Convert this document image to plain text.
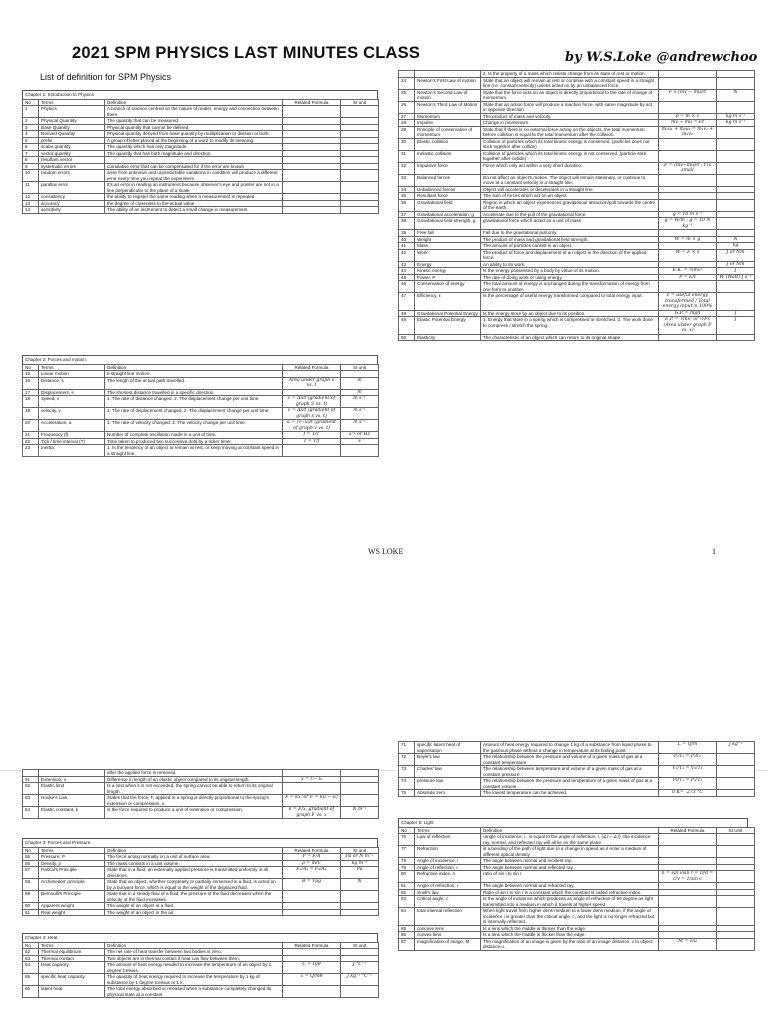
2021 SPM PHYSICS LAST MINUTES CLASS	by W.S.Loke @andrewchoo
List of definition for SPM Physics
Chapter 1: Introduction to Physics
No	Terms	Definition	Related Formula	SI unit
1	Physics	A branch of science centred on the nature of matter, energy and connection between them.		
2	Physical Quantity	The quantity that can be measured.		
3	Base Quantity	Physical quantity that cannot be defined.		
4	Derived Quantity	Physical quantity derived from base quantity by multiplication or division or both.		
5	prefix	A group of letter placed at the beginning of a word to modify its meaning.		
6	scalar quantity	The quantity which has only magnitude.		
7	vector quantity	The quantity that has both magnitude and direction.		
8	resultant vector			
9	systematic errors	cumulative error that can be compensated for if the error are known		
10	random errors	arise from unknown and unpredictable variations in condition will produce a different error every time you repeat the experiment		
11	parallax error	It's an error in reading an instrument because observer's eye and pointer are not in a line perpendicular to the plane of a scale		
12	consistency	the ability to register the same reading when a measurement is repeated		
13	accuracy	the degree of closeness to the actual value.		
14	sensitivity	The ability of an instrument to detect a small change in measurement.		
Chapter 2: Forces and motion.
No	Terms	Definition	Related Formula	SI unit
15	Linear motion	a straight line motion.		
16	Distance, s	The length of the actual path travelled.	Area under graph v vs. t	m
17	Displacement, s	The shortest distance travelled in a specific direction.		m
18	Speed, v	1. The rate of distance changed. 2. The displacement change per unit time.	v = Δs/t (gradient of graph S vs. t)	m s⁻¹
19	velocity, v	1. The rate of displacement changed. 2. The displacement change per unit time.	v = Δs/t (gradient of graph s vs. t)	m s⁻¹
20	Acceleration, a	1. The rate of velocity changed. 2. The velocity change per unit time.	a = (v−u)/t (gradient of graph v vs. t)	m s⁻²
21	Frequency (f)	Number of complete oscillation made in a unit of time.	f = 1/T	s⁻¹ or Hz
22	Tick / time interval (T)	Time taken to produced two successive dots by a ticker timer.	T = 1/f	s
23	Inertia	1. Is the tendency of an object to remain at rest, or keep moving at constant speed in a straight line.		
		2. Is the property of a mass which resists change from its state of rest or motion.		
24	Newton's First Law of motion	State that an object will remain at rest or continue with a constant speed in a straight line (i.e. constant velocity) unless acted on by an unbalanced force.		
25	Newton's Second Law of motion	State that the force acts on an object is directly proportional to the rate of change of momentum.	F ∝ (mv − mu)/t	N
26	Newton's Third Law of Motion	State that an action force will produce a reaction force, with same magnitude by act in opposite direction.		
27	Momentum	The product of mass and velocity.	p = m × v	kg m s⁻¹
28	Impulse	Change in momentum.	mv − mu = Ft	kg m s⁻¹
29	Principle of conservation of momentum	State that if there is no external force acting on the objects, the total momentum before collision is equal to the total momentum after the collision.	m₁u₁ + m₂u₂ = m₁v₁ + m₂v₂	
30	Elastic collision	Collision of particles which its total kinetic energy is conserved. (particles does not stick together after collide)		
31	Inelastic collision	Collision of particles which its total kinetic energy is not conserved. (particle stick together after collide)		
32	Impulsive force	Force which only act within a very short duration.	F = (mv−mu)/t ; t is small	
33	Balanced forces	Do not affect an object's motion. The object will remain stationary, or continue to move at a constant velocity in a straight line.		
34	Unbalanced forces	Object will accelerates or decelerates in a straight line.		
35	Resultant force	The sum of forces which act on an object.		
36	Gravitational field	Region in which an object experiences gravitational attraction/pull towards the centre of the earth.		
37	Gravitational acceleration, g	Accelerate due to the pull of the gravitational force.	g = 10 m s⁻²	
38	Gravitational field strength, g	gravitational force which acted on a unit of mass	g = W/m ; g = 10 N kg⁻¹	
39	Free fall	Fall due to the gravitational pull only.		
40	Weight	The product of mass and gravitational field strength.	W = m × g	N
41	Mass	The amount of particles consist in an object		kg
42	Work	The product of force and displacement of an object in the direction of the applied force.	W = F × s	J or Nm
43	Energy	An ability to do work.		J or Nm
44	Kinetic energy	Is the energy possessed by a body by virtue of its motion.	E.K. = ½mv²	J
45	Power, P	The rate of doing work or using energy.	P = E/t	W (Watt) J s⁻¹
46	Conservation of energy	The total amount of energy is unchanged during the transformation of energy from one form to another.		
47	Efficiency, ε	Is the percentage of useful energy transformed compared to total energy input.	ε = useful energy transformed / Total energy input × 100%	
48	Gravitational Potential Energy	Is the energy store by an object due to its position.	G.P. = mgh	J
49	Elastic Potential Energy	1. Energy that store in a spring which is compressed or stretched. 2. The work done to compress / stretch the spring.	E.P. = ½kx² or ½Fx (Area under graph F vs. x)	J
50	Elasticity	The characteristic of an object which can return to its original shape		
WS LOKE	1
		after the applied force is removed.		
51	Extension, x	Difference in length of an elastic object compared to its original length.	x = l − l₀	
52	Elastic limit	Is a limit when it is not exceeded, the spring cannot be able to return to its original length.		
53	Hooke's Law	States that the force, F, applied to a spring is directly proportional to the spring's extension or compression, x.	F = kx, or F = k(l − l₀)	
54	Elastic constant, k	is the force required to produce a unit of extension or compression.	k = F/x, gradient of graph F vs. x	N m⁻¹
71	specific latent heat of vaporisation	Amount of heat energy required to change 1 kg of a substance from liquid phase to the gaseous phase without a change in temperature at its boiling point.	L = Q/m	J kg⁻¹
72	Boyle's law	The relationship between the pressure and volume of a given mass of gas at a constant temperature	P₁V₁ = P₂V₂	
73	Charles' law	The relationship between temperature and volume of a given mass of gas at a constant pressure.	V₁/T₁ = V₂/T₂	
74	pressure law	The relationship between the pressure and temperature of a given mass of gas at a constant volume.	P₁/T₁ = P₂/T₂	
75	Absolute zero	The lowest temperature can be achieved.	0 K= -273 °C	
Chapter 3: Forces and Pressure
No	Terms	Definition	Related Formula	SI unit
55	Pressure, P	The force acting normally on a unit of surface area.	P = F/A	Pa or N m⁻²
56	Density, ρ	The mass consists in a unit volume.	ρ = m/V	kg m⁻³
57	Pascal's Principle	State that in a fluid, an externally applied pressure is transmitted uniformly in all directions.	F₁/A₁ = F₂/A₂	Pa
58	Archimedes' principle	State that an object, whether completely or partially immersed in a fluid, is acted on by a buoyant force, which is equal to the weight of the displaced fluid.	B = Vρg	N
59	Bernoulli's Principle	State that in a steady flow of a fluid, the pressure of the fluid decreases when the velocity of the fluid increases.		
60	Apparent weight	The weight of an object in a fluid.		
61	Real weight	The weight of an object in the air.		
Chapter 4: Heat
No	Terms	Definition	Related Formula	SI unit
62	Thermal equilibrium	The net rate of heat transfer between two bodies is zero.		
63	Thermal contact	Two objects are in thermal contact if heat can flow between them.		
64	Heat capacity	The amount of heat energy needed to increase the temperature of an object by 1 degree Celsius.	C = Q/θ	J °C⁻¹
65	specific heat capacity	The quantity of heat energy required to increase the temperature by 1 kg of substance by 1 degree Celsius or 1 k.	c = Q/mθ	J kg⁻¹ °C⁻¹
66	latent heat	The total energy absorbed or released when a substance completely changed its physical state at a constant		
Chapter 5: Light
No	Terms	Definition	Related Formula	SI Unit
76	Law of reflection	-angle of incidence, i , is equal to the angle of reflection, r, (∠i = ∠r) -the incidence ray, normal, and reflected ray will all lie on the same plane.		
77	Refraction	is a bending of the path of light due to a change in speed as it enter a medium of different optical density		
78	Angle of incidence, i	The angle between normal and incident ray.		
79	Angle of reflection, r	The angle between normal and reflected ray.		
80	Refractive index, n	ratio of sin i to sin r	n = sin i/sin r = D/d = c/v = 1/sin c	
81	Angle of refraction, r	The angle between normal and refracted ray.		
82	Snell's law	Ratio of sin i to sin r is a constant which the constant is called refractive index.		
83	Critical angle, c	Is the angle of incidence which produces an angle of refraction of 90 degree as light transmitted into a medium in which it travels at higher speed.		
84	total internal reflection	When light travel from higher dens medium to a lower dens medium, if the angle of incidence i is greater than the critical angle, c, and the light is no longer refracted but is internally reflected.		
85	concave lens	Is a lens which the middle is thinner than the edge.		
86	convex lens	Is a lens which the middle is thicker than the edge.		
87	magnification of image, M	The magnification of an image is given by the ratio of an image distance, v to object distance,u.	M = v/u	
